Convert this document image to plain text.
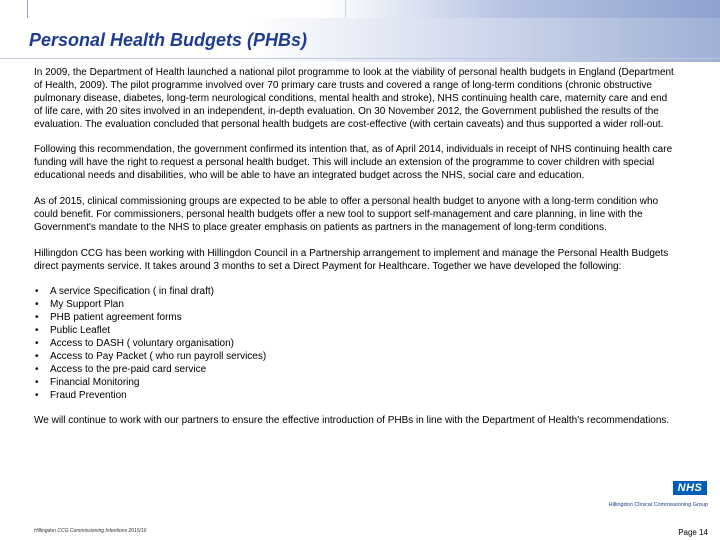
Personal Health Budgets (PHBs)

In 2009, the Department of Health launched a national pilot programme to look at the viability of personal health budgets in England (Department of Health, 2009). The pilot programme involved over 70 primary care trusts and covered a range of long-term conditions (chronic obstructive pulmonary disease, diabetes, long-term neurological conditions, mental health and stroke), NHS continuing health care, maternity care and end of life care, with 20 sites involved in an independent, in-depth evaluation. On 30 November 2012, the Government published the results of the evaluation. The evaluation concluded that personal health budgets are cost-effective (with certain caveats) and thus supported a wider roll-out.

Following this recommendation, the government confirmed its intention that, as of April 2014, individuals in receipt of NHS continuing health care funding will have the right to request a personal health budget. This will include an extension of the programme to cover children with special educational needs and disabilities, who will be able to have an integrated budget across the NHS, social care and education.

As of 2015, clinical commissioning groups are expected to be able to offer a personal health budget to anyone with a long-term condition who could benefit. For commissioners, personal health budgets offer a new tool to support self-management and care planning, in line with the Government's mandate to the NHS to place greater emphasis on patients as partners in the management of long-term conditions.

Hillingdon CCG has been working with Hillingdon Council in a Partnership arrangement to implement and manage the Personal Health Budgets direct payments service. It takes around 3 months to set a Direct Payment for Healthcare. Together we have developed the following:

• A service Specification ( in final draft)
• My Support Plan
• PHB patient agreement forms
• Public Leaflet
• Access to DASH ( voluntary organisation)
• Access to Pay Packet ( who run payroll services)
• Access to the pre-paid card service
• Financial Monitoring
• Fraud Prevention

We will continue to work with our partners to ensure the effective introduction of PHBs in line with the Department of Health's recommendations.

NHS
Hillingdon Clinical Commissioning Group
Hillingdon CCG Commissioning Intentions 2015/16	Page 14
